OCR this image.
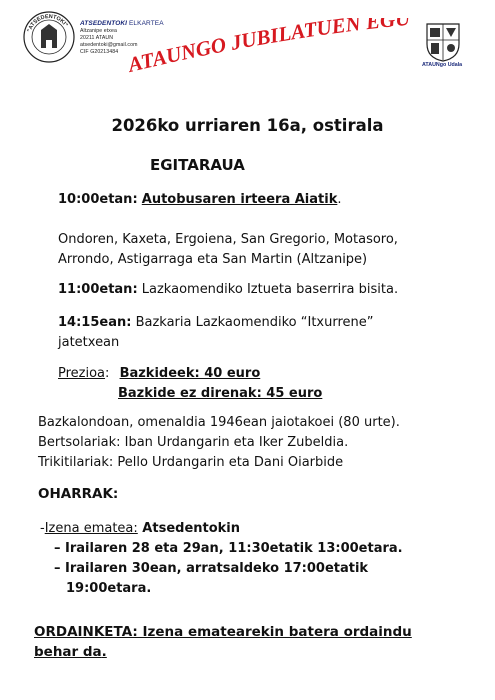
"ATSEDENTOKI" ATSEDENTOKI ELKARTEA
Altzanipe etxea
20211 ATAUN
atsedentoki@gmail.com
CIF G20213484 ATAUNGO JUBILATUEN EGU
ATAUNgo Udala
2026ko urriaren 16a, ostirala
EGITARAUA
10:00etan: Autobusaren irteera Aiatik.
Ondoren, Kaxeta, Ergoiena, San Gregorio, Motasoro,
Arrondo, Astigarraga eta San Martin (Altzanipe)
11:00etan: Lazkaomendiko Iztueta baserrira bisita.
14:15ean: Bazkaria Lazkaomendiko “Itxurrene”
jatetxean
Prezioa: Bazkideek: 40 euro
Bazkide ez direnak: 45 euro
Bazkalondoan, omenaldia 1946ean jaiotakoei (80 urte).
Bertsolariak: Iban Urdangarin eta Iker Zubeldia.
Trikitilariak: Pello Urdangarin eta Dani Oiarbide
OHARRAK:
-Izena ematea: Atsedentokin
– Irailaren 28 eta 29an, 11:30etatik 13:00etara.
– Irailaren 30ean, arratsaldeko 17:00etatik
19:00etara.
ORDAINKETA: Izena ematearekin batera ordaindu
behar da.
